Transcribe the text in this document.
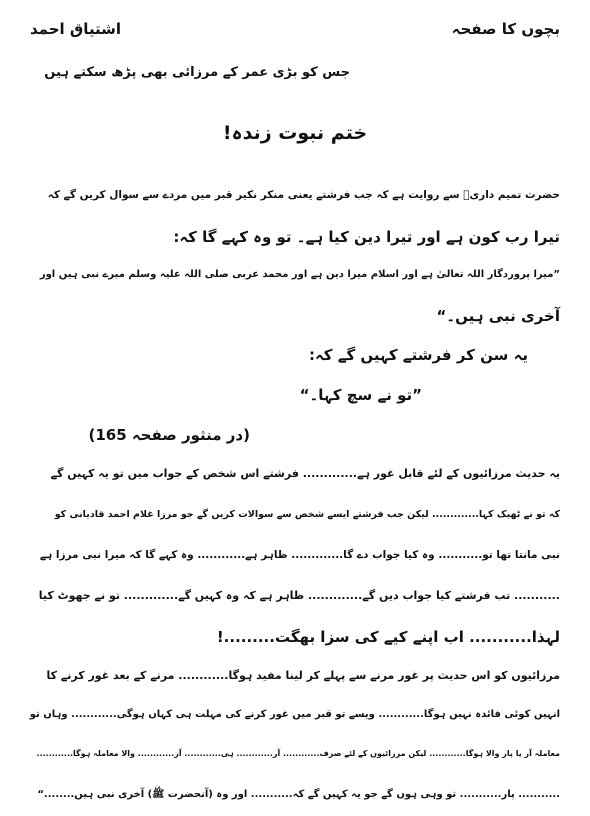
بچوں کا صفحہ
اشتیاق احمد
جس کو بڑی عمر کے مرزائی بھی پڑھ سکتے ہیں
ختم نبوت زندہ!
حضرت تمیم داریؓ سے روایت ہے کہ جب فرشتے یعنی منکر نکیر قبر میں مردے سے سوال کریں گے کہ
تیرا رب کون ہے اور تیرا دین کیا ہے۔ تو وہ کہے گا کہ:
”میرا پروردگار اللہ تعالیٰ ہے اور اسلام میرا دین ہے اور محمد عربی صلی اللہ علیہ وسلم میرے نبی ہیں اور
آخری نبی ہیں۔“
یہ سن کر فرشتے کہیں گے کہ:
”تو نے سچ کہا۔“
(در منثور صفحہ 165)
یہ حدیث مرزائیوں کے لئے قابل غور ہے............. فرشتے اس شخص کے جواب میں تو یہ کہیں گے
کہ تو نے ٹھیک کہا............. لیکن جب فرشتے ایسے شخص سے سوالات کریں گے جو مرزا غلام احمد قادیانی کو
نبی مانتا تھا تو........... وہ کیا جواب دے گا............. ظاہر ہے............ وہ کہے گا کہ میرا نبی مرزا ہے
........... تب فرشتے کیا جواب دیں گے............. ظاہر ہے کہ وہ کہیں گے............. تو نے جھوٹ کیا
لہذا........... اب اپنے کیے کی سزا بھگت.........!
مرزائیوں کو اس حدیث پر غور مرنے سے پہلے کر لینا مفید ہوگا............ مرنے کے بعد غور کرنے کا
انہیں کوئی فائدہ نہیں ہوگا............ ویسے تو قبر میں غور کرنے کی مہلت ہی کہاں ہوگی............ وہاں تو
معاملہ آر یا پار والا ہوگا............ لیکن مرزائیوں کے لئے صرف............ آر............ ہی............ آر............ والا معاملہ ہوگا............
........... پار........... تو وہی ہوں گے جو یہ کہیں گے کہ........... اور وہ (آنحضرت ﷺ) آخری نبی ہیں........“
